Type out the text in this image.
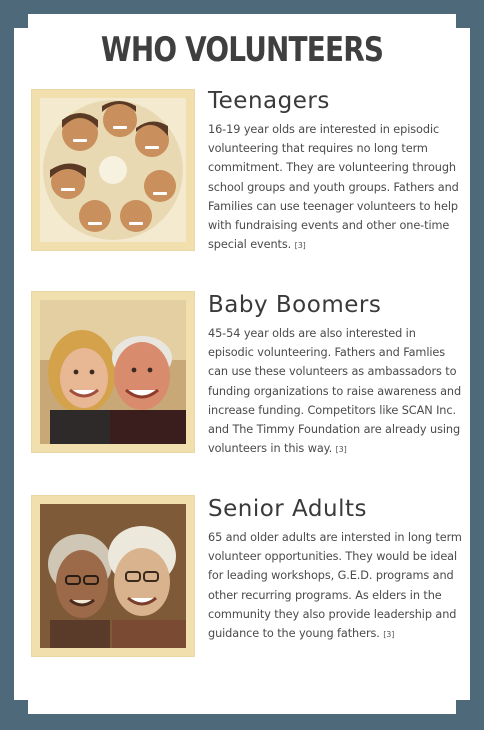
WHO VOLUNTEERS
Teenagers
16-19 year olds are interested in episodic volunteering that requires no long term commitment. They are volunteering through school groups and youth groups. Fathers and Families can use teenager volunteers to help with fundraising events and other one-time special events. [3]
Baby Boomers
45-54 year olds are also interested in episodic volunteering. Fathers and Famlies can use these volunteers as ambassadors to funding organizations to raise awareness and increase funding. Competitors like SCAN Inc. and The Timmy Foundation are already using volunteers in this way. [3]
Senior Adults
65 and older adults are intersted in long term volunteer opportunities. They would be ideal for leading workshops, G.E.D. programs and other recurring programs. As elders in the community they also provide leadership and guidance to the young fathers. [3]
